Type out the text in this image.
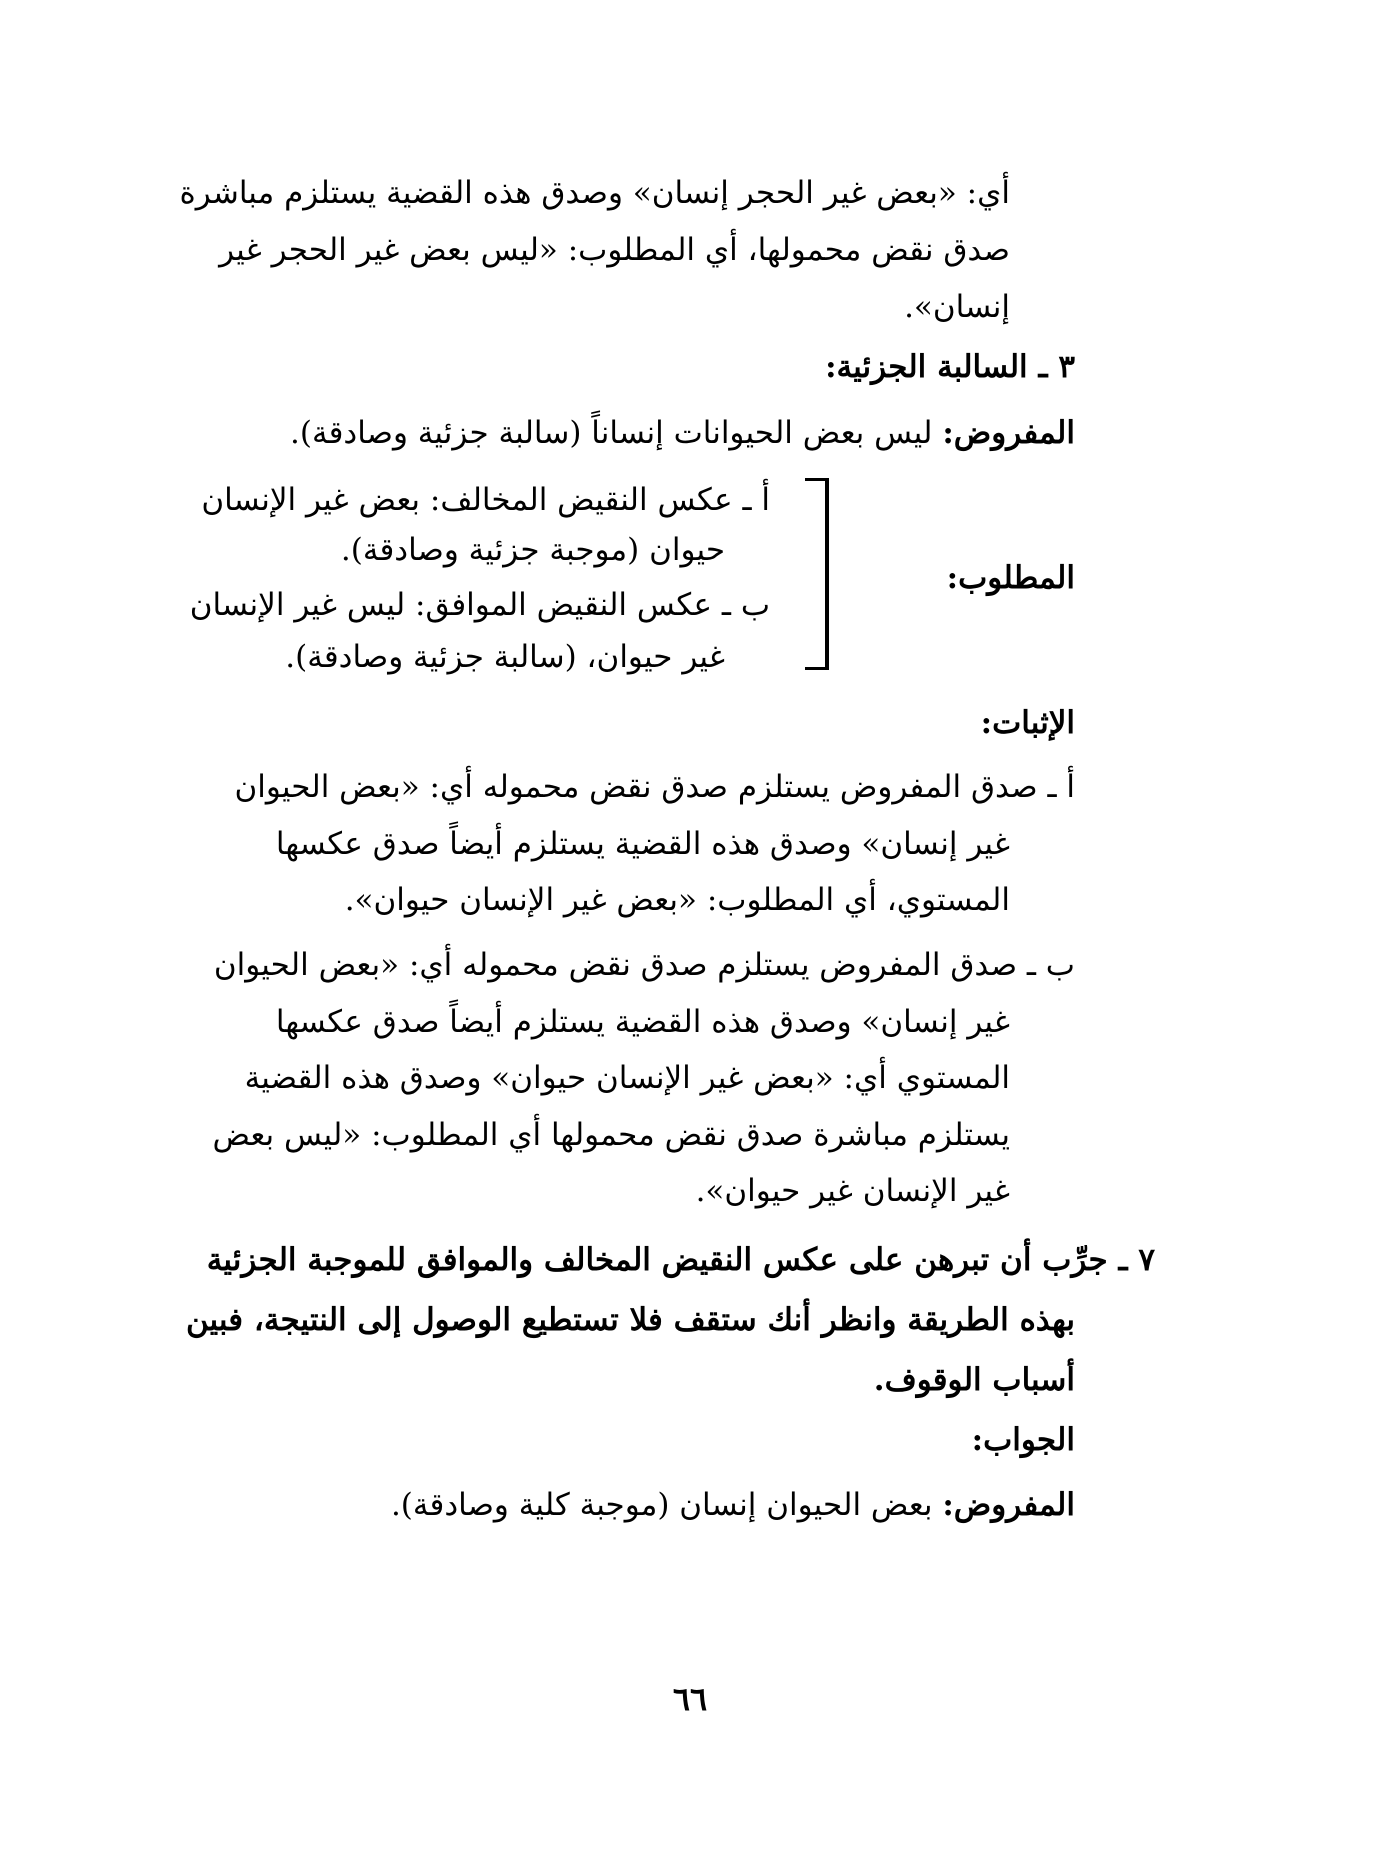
أي: «بعض غير الحجر إنسان» وصدق هذه القضية يستلزم مباشرة
صدق نقض محمولها، أي المطلوب: «ليس بعض غير الحجر غير
إنسان».
٣ ـ السالبة الجزئية:
المفروض: ليس بعض الحيوانات إنساناً (سالبة جزئية وصادقة).
المطلوب:
أ ـ عكس النقيض المخالف: بعض غير الإنسان
حيوان (موجبة جزئية وصادقة).
ب ـ عكس النقيض الموافق: ليس غير الإنسان
غير حيوان، (سالبة جزئية وصادقة).
الإثبات:
أ ـ صدق المفروض يستلزم صدق نقض محموله أي: «بعض الحيوان
غير إنسان» وصدق هذه القضية يستلزم أيضاً صدق عكسها
المستوي، أي المطلوب: «بعض غير الإنسان حيوان».
ب ـ صدق المفروض يستلزم صدق نقض محموله أي: «بعض الحيوان
غير إنسان» وصدق هذه القضية يستلزم أيضاً صدق عكسها
المستوي أي: «بعض غير الإنسان حيوان» وصدق هذه القضية
يستلزم مباشرة صدق نقض محمولها أي المطلوب: «ليس بعض
غير الإنسان غير حيوان».
٧ ـ جرِّب أن تبرهن على عكس النقيض المخالف والموافق للموجبة الجزئية
بهذه الطريقة وانظر أنك ستقف فلا تستطيع الوصول إلى النتيجة، فبين
أسباب الوقوف.
الجواب:
المفروض: بعض الحيوان إنسان (موجبة كلية وصادقة).
٦٦
